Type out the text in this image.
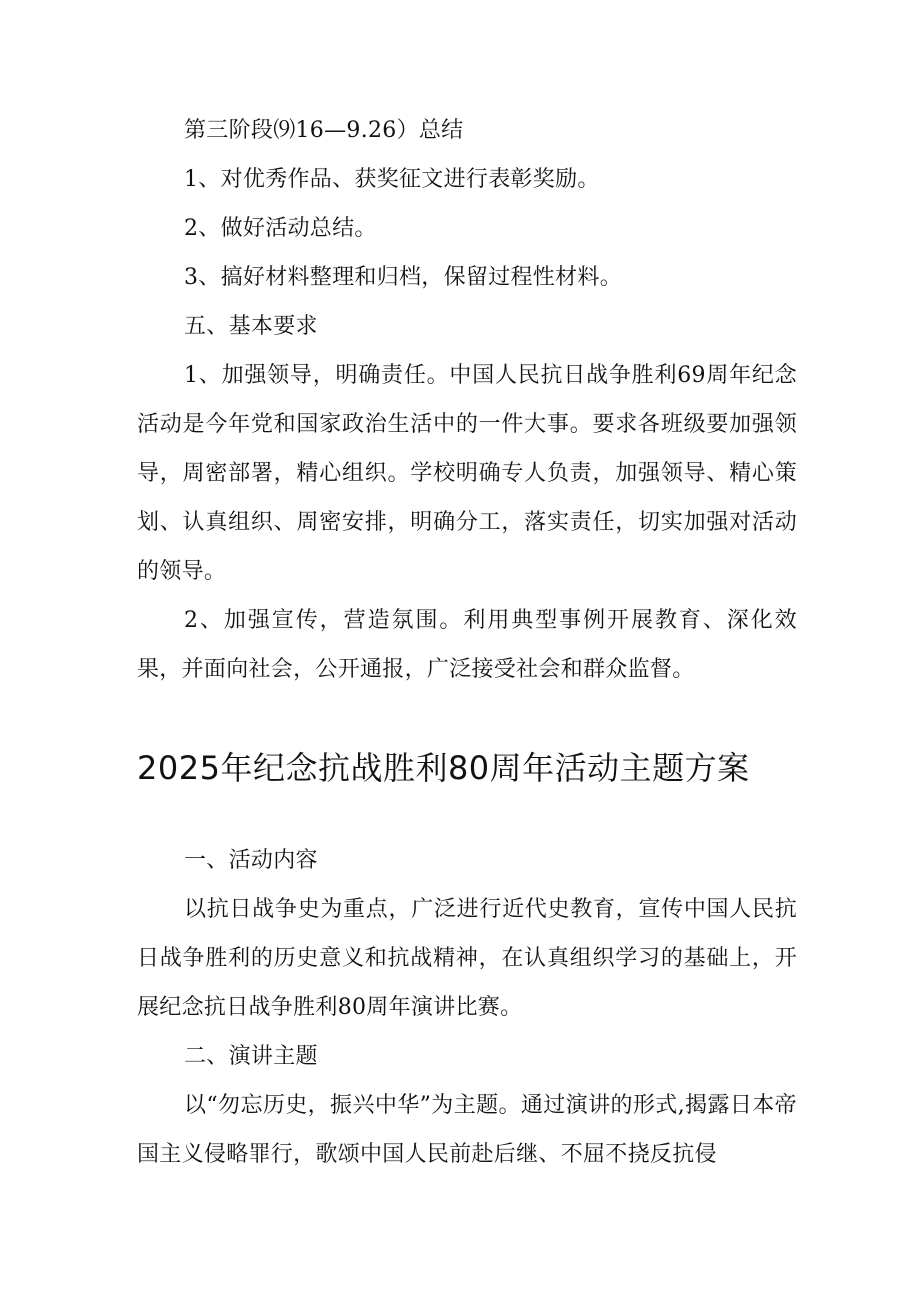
第三阶段⑼16—9.26）总结

1、对优秀作品、获奖征文进行表彰奖励。

2、做好活动总结。

3、搞好材料整理和归档，保留过程性材料。

五、基本要求

1、加强领导，明确责任。中国人民抗日战争胜利69周年纪念活动是今年党和国家政治生活中的一件大事。要求各班级要加强领导，周密部署，精心组织。学校明确专人负责，加强领导、精心策划、认真组织、周密安排，明确分工，落实责任，切实加强对活动的领导。

2、加强宣传，营造氛围。利用典型事例开展教育、深化效果，并面向社会，公开通报，广泛接受社会和群众监督。

2025年纪念抗战胜利80周年活动主题方案

一、活动内容

以抗日战争史为重点，广泛进行近代史教育，宣传中国人民抗日战争胜利的历史意义和抗战精神，在认真组织学习的基础上，开展纪念抗日战争胜利80周年演讲比赛。

二、演讲主题

以“勿忘历史，振兴中华”为主题。通过演讲的形式,揭露日本帝国主义侵略罪行，歌颂中国人民前赴后继、不屈不挠反抗侵
